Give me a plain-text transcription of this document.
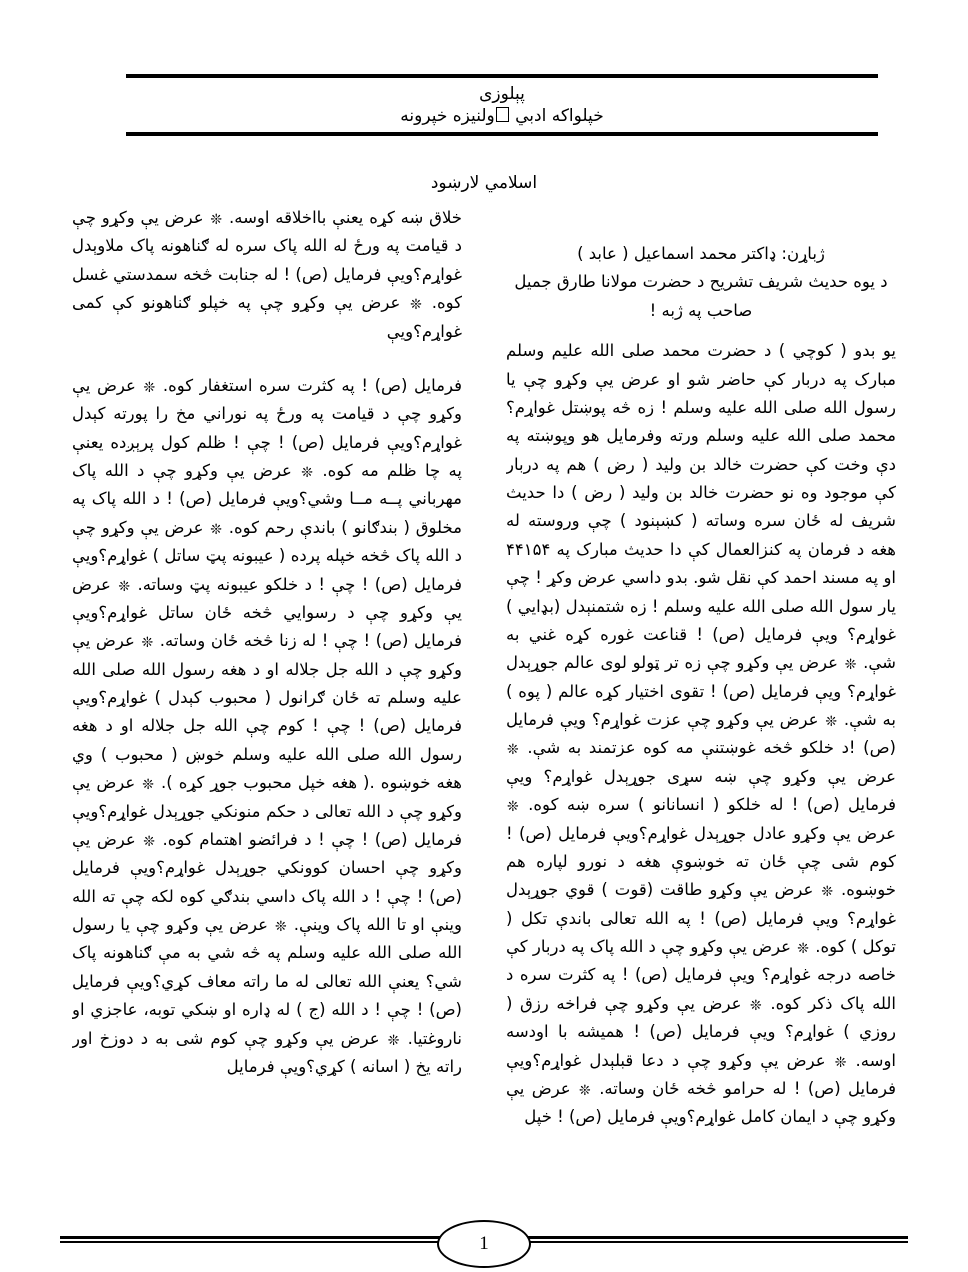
پېلوزی
خپلواکه ادبي ولنیزه خپرونه
اسلامي لارښود

ژباړن: ډاکتر محمد اسماعیل ( عابد )

د یوه حدیث شریف تشریح د حضرت مولانا طارق جمیل

صاحب په ژبه !

یو بدو ( کوچي ) د حضرت محمد صلی الله علیم وسلم مبارک په دربار کې حاضر شو او عرض یې وکړو چې یا رسول الله صلی الله علیه وسلم ! زه څه پوښتل غواړم؟محمد صلی الله علیه وسلم ورته وفرمایل هو وپوښته په دې وخت کې حضرت خالد بن ولید ( رض ) هم په دربار کې موجود وه نو حضرت خالد بن ولید ( رض ) دا حدیث شریف له ځان سره وساته ( کښېنود ) چې وروسته له هغه د فرمان په کنزالعمال کې دا حدیث مبارک په ۴۴۱۵۴ او په مسند احمد کې نقل شو. بدو داسي عرض وکړ ! چې یار سول الله صلی الله علیه وسلم ! زه شتمنېدل (بډایي ) غواړم؟ ویې فرمایل (ص) ! قناعت غوره کړه غني به شې. ❊ عرض یې وکړو چې زه تر ټولو لوی عالم جوړېدل غواړم؟ ویې فرمایل (ص) ! تقوی اختیار کړه عالم ( پوه ) به شې. ❊ عرض یې وکړو چې عزت غواړم؟ ویې فرمایل (ص) !د خلکو څخه غوښتنې مه کوه عزتمند به شې. ❊ عرض یې وکړو چې ښه سړی جوړېدل غواړم؟ ویې فرمایل (ص) ! له خلکو ( انسانانو ) سره ښه کوه. ❊ عرض یې وکړو عادل جوړېدل غواړم؟ویې فرمایل (ص) ! کوم شی چې ځان ته خوښوې هغه د نورو لپاره هم خوښوه. ❊ عرض یې وکړو طاقت (قوت ) قوي جوړېدل غواړم؟ ویې فرمایل (ص) ! په الله تعالی باندې تکل ( توکل ) کوه. ❊ عرض یې وکړو چې د الله پاک په دربار کې خاصه درجه غواړم؟ ویې فرمایل (ص) ! په کثرت سره د الله پاک ذکر کوه. ❊ عرض یې وکړو چې فراخه رزق ( روزي ) غواړم؟ ویې فرمایل (ص) ! همیشه با اودسه اوسه. ❊ عرض یې وکړو چې د دعا قبلېدل غواړم؟ویې فرمایل (ص) ! له حرامو څخه ځان وساته. ❊ عرض یې وکړو چې د ایمان کامل غواړم؟ویې فرمایل (ص) ! خپل

خلاق ښه کړه یعنې بااخلاقه اوسه. ❊ عرض یې وکړو چې د قیامت په ورځ له الله پاک سره له ګناهونه پاک ملاوېدل غواړم؟ویې فرمایل (ص) ! له جنابت څخه سمدستي غسل کوه. ❊ عرض یې وکړو چې په خپلو ګناهونو کې کمی غواړم؟ویې

فرمایل (ص) ! په کثرت سره استغفار کوه. ❊ عرض یې وکړو چې د قیامت په ورځ په نوراني مخ را پورته کېدل غواړم؟ویې فرمایل (ص) ! چې ! ظلم کول پرېږده یعنې په چا ظلم مه کوه. ❊ عرض یې وکړو چې د الله پاک مهرباني پــه مــا وشي؟ویې فرمایل (ص) ! د الله پاک په مخلوق ( بندګانو ) باندې رحم کوه. ❊ عرض یې وکړو چې د الله پاک څخه خپله پرده ( عیبونه پټ ساتل ) غواړم؟ویې فرمایل (ص) ! چې ! د خلکو عیبونه پټ وساته. ❊ عرض یې وکړو چې د رسوایي څخه ځان ساتل غواړم؟ویې فرمایل (ص) ! چې ! له زنا څخه ځان وساته. ❊ عرض یې وکړو چې د الله جل جلاله او د هغه رسول الله صلی الله علیه وسلم ته ځان ګرانول ( محبوب کېدل ) غواړم؟ویې فرمایل (ص) ! چې ! کوم چې الله جل جلاله او د هغه رسول الله صلی الله علیه وسلم خوښ ( محبوب ) وي هغه خوښوه .( هغه خپل محبوب جوړ کړه ). ❊ عرض یې وکړو چې د الله تعالی د حکم منونکي جوړېدل غواړم؟ویې فرمایل (ص) ! چې ! د فرائضو اهتمام کوه. ❊ عرض یې وکړو چې احسان کوونکي جوړېدل غواړم؟ویې فرمایل (ص) ! چې ! د الله پاک داسي بندګي کوه لکه چې ته الله وینې او تا الله پاک وینې. ❊ عرض یې وکړو چې یا رسول الله صلی الله علیه وسلم په څه شي به مې ګناهونه پاک شي؟ یعنې الله تعالی له ما راته معاف کړي؟ویې فرمایل (ص) ! چې ! د الله (ج ) له ډاره او ښکي توبه، عاجزي او ناروغتیا. ❊ عرض یې وکړو چې کوم شی به د دوزخ اور راته یخ ( اسانه ) کړي؟ویې فرمایل

1
